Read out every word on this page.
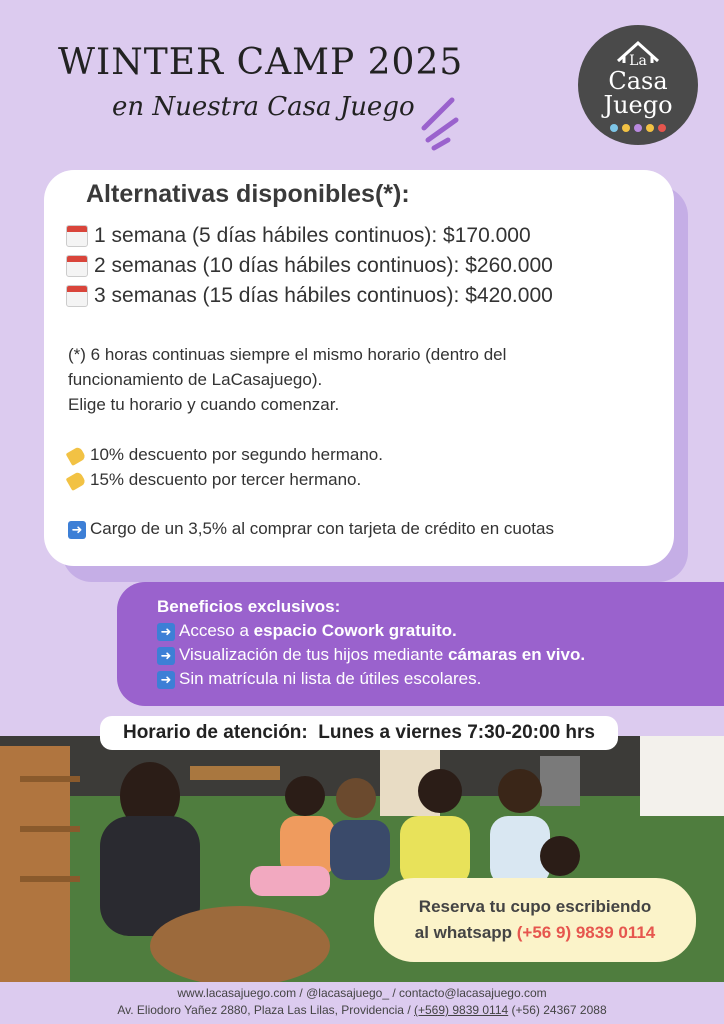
WINTER CAMP 2025
en Nuestra Casa Juego
La
Casa
Juego
Alternativas disponibles(*):
1 semana (5 días hábiles continuos): $170.000
2 semanas (10 días hábiles continuos): $260.000
3 semanas (15 días hábiles continuos): $420.000
(*) 6 horas continuas siempre el mismo horario (dentro del
funcionamiento de LaCasajuego).
Elige tu horario y cuando comenzar.
10% descuento por segundo hermano.
15% descuento por tercer hermano.
➜ Cargo de un 3,5% al comprar con tarjeta de crédito en cuotas
Beneficios exclusivos:
➜ Acceso a espacio Cowork gratuito.
➜ Visualización de tus hijos mediante cámaras en vivo.
➜ Sin matrícula ni lista de útiles escolares.
Horario de atención: Lunes a viernes 7:30-20:00 hrs
Reserva tu cupo escribiendo
al whatsapp (+56 9) 9839 0114
www.lacasajuego.com / @lacasajuego_ / contacto@lacasajuego.com
Av. Eliodoro Yañez 2880, Plaza Las Lilas, Providencia / (+569) 9839 0114 (+56) 24367 2088
